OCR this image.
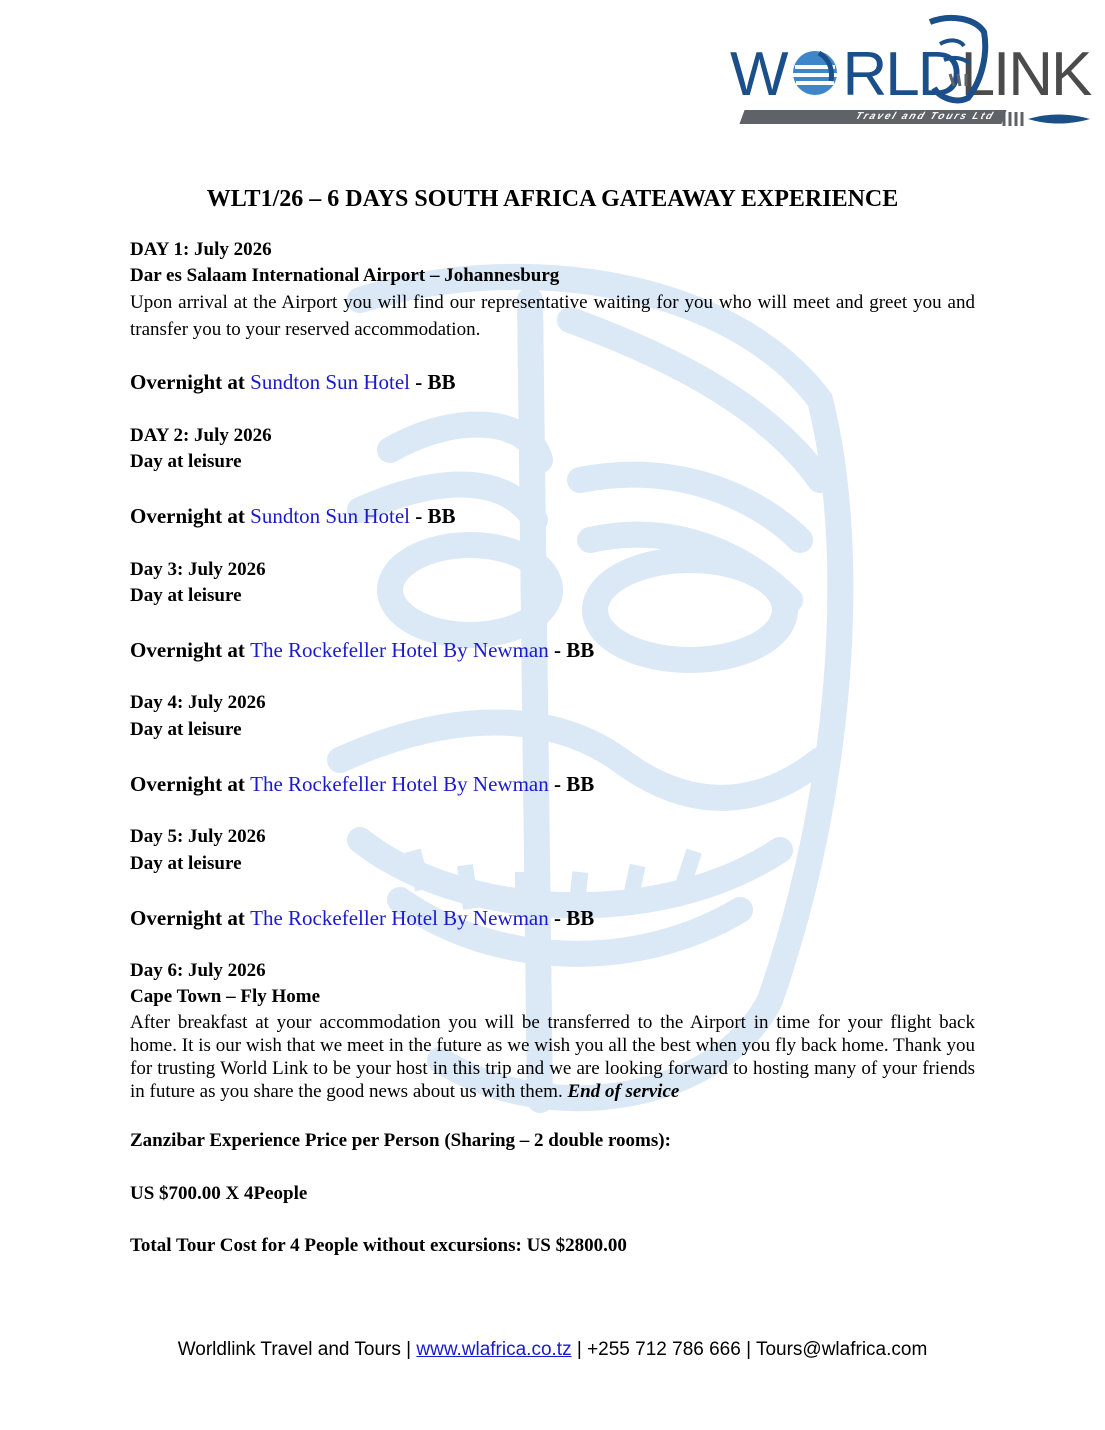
W RLDLINK
Travel and Tours Ltd
WLT1/26 – 6 DAYS SOUTH AFRICA GATEAWAY EXPERIENCE

DAY 1: July 2026

Dar es Salaam International Airport – Johannesburg

Upon arrival at the Airport you will find our representative waiting for you who will meet and greet you and transfer you to your reserved accommodation.

Overnight at Sundton Sun Hotel - BB

DAY 2: July 2026

Day at leisure

Overnight at Sundton Sun Hotel - BB

Day 3: July 2026

Day at leisure

Overnight at The Rockefeller Hotel By Newman - BB

Day 4: July 2026

Day at leisure

Overnight at The Rockefeller Hotel By Newman - BB

Day 5: July 2026

Day at leisure

Overnight at The Rockefeller Hotel By Newman - BB

Day 6: July 2026

Cape Town – Fly Home

After breakfast at your accommodation you will be transferred to the Airport in time for your flight back home. It is our wish that we meet in the future as we wish you all the best when you fly back home. Thank you for trusting World Link to be your host in this trip and we are looking forward to hosting many of your friends in future as you share the good news about us with them. End of service

Zanzibar Experience Price per Person (Sharing – 2 double rooms):

US $700.00 X 4People

Total Tour Cost for 4 People without excursions: US $2800.00

Worldlink Travel and Tours | www.wlafrica.co.tz | +255 712 786 666 | Tours@wlafrica.com
